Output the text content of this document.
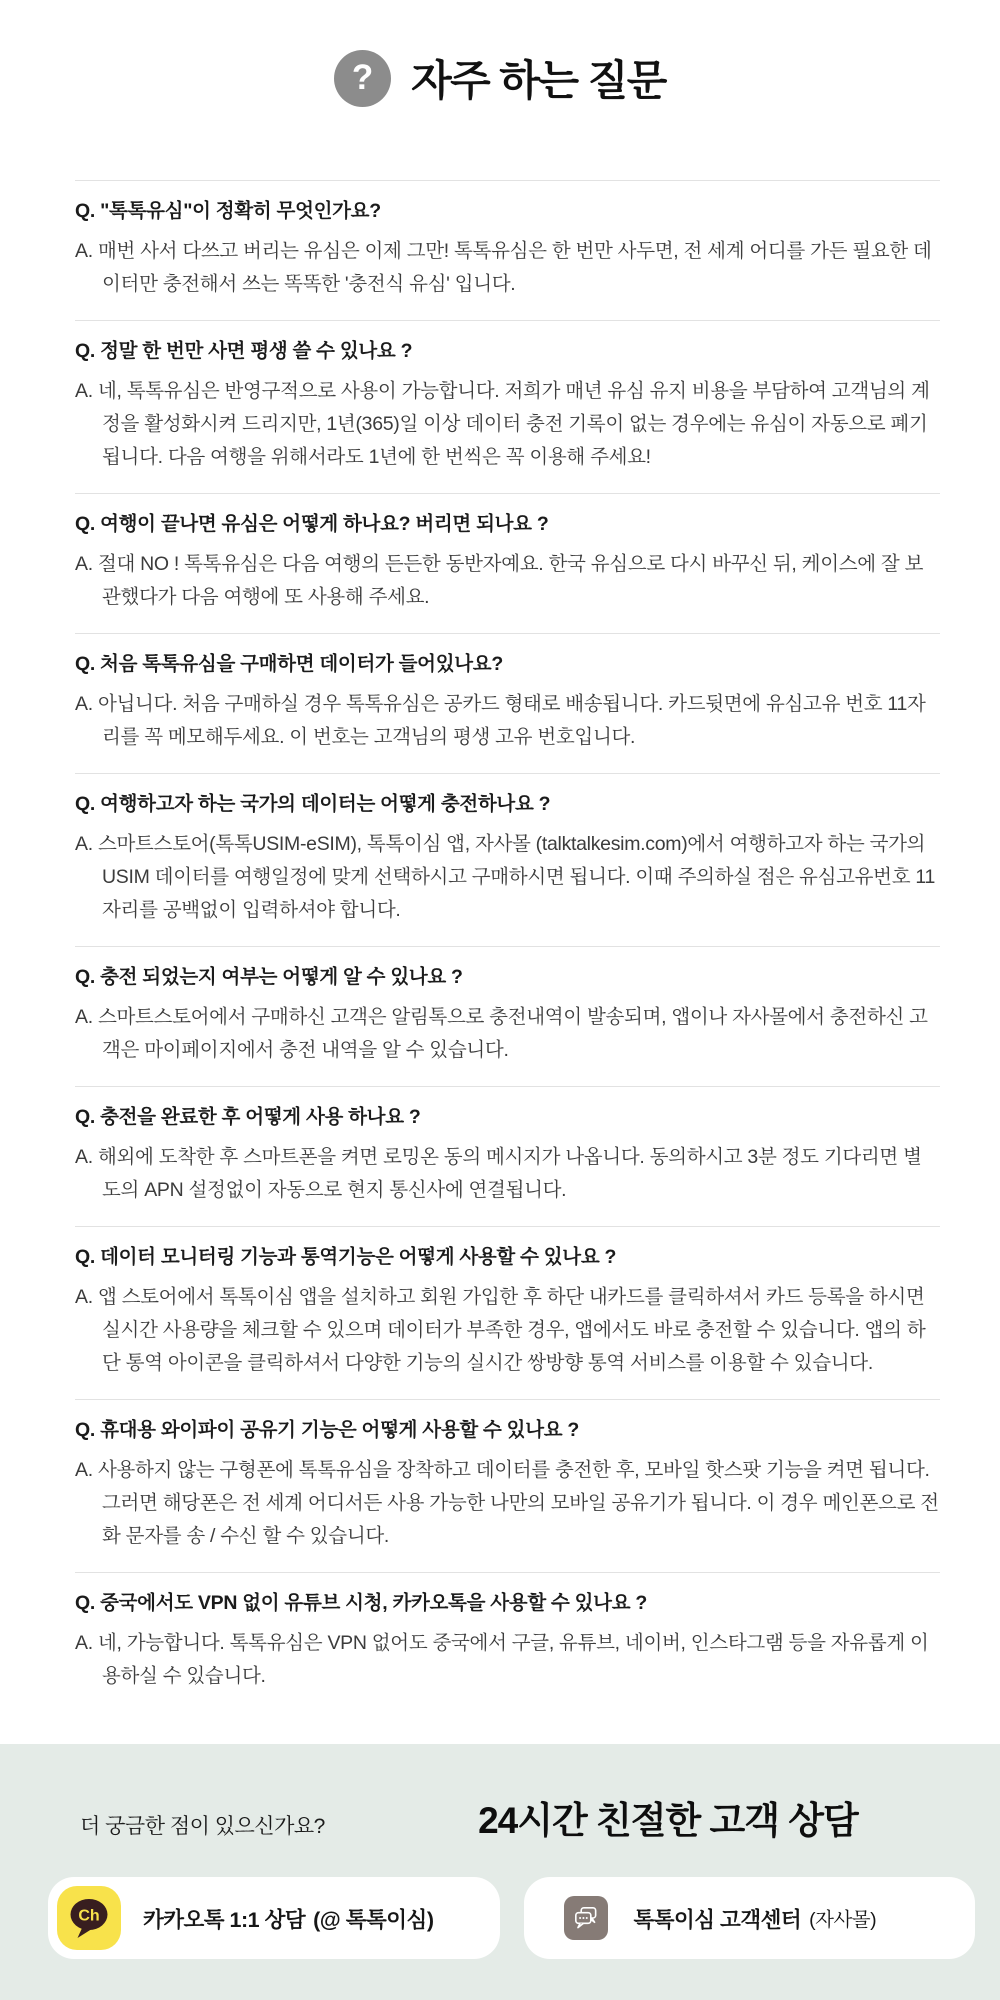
? 자주 하는 질문
Q. "톡톡유심"이 정확히 무엇인가요?

A. 매번 사서 다쓰고 버리는 유심은 이제 그만! 톡톡유심은 한 번만 사두면, 전 세계 어디를 가든 필요한 데이터만 충전해서 쓰는 똑똑한 '충전식 유심' 입니다.

Q. 정말 한 번만 사면 평생 쓸 수 있나요 ?

A. 네, 톡톡유심은 반영구적으로 사용이 가능합니다. 저희가 매년 유심 유지 비용을 부담하여 고객님의 계정을 활성화시켜 드리지만, 1년(365)일 이상 데이터 충전 기록이 없는 경우에는 유심이 자동으로 폐기됩니다. 다음 여행을 위해서라도 1년에 한 번씩은 꼭 이용해 주세요!

Q. 여행이 끝나면 유심은 어떻게 하나요? 버리면 되나요 ?

A. 절대 NO ! 톡톡유심은 다음 여행의 든든한 동반자예요. 한국 유심으로 다시 바꾸신 뒤, 케이스에 잘 보관했다가 다음 여행에 또 사용해 주세요.

Q. 처음 톡톡유심을 구매하면 데이터가 들어있나요?

A. 아닙니다. 처음 구매하실 경우 톡톡유심은 공카드 형태로 배송됩니다. 카드뒷면에 유심고유 번호 11자리를 꼭 메모해두세요. 이 번호는 고객님의 평생 고유 번호입니다.

Q. 여행하고자 하는 국가의 데이터는 어떻게 충전하나요 ?

A. 스마트스토어(톡톡USIM-eSIM), 톡톡이심 앱, 자사몰 (talktalkesim.com)에서 여행하고자 하는 국가의 USIM 데이터를 여행일정에 맞게 선택하시고 구매하시면 됩니다. 이때 주의하실 점은 유심고유번호 11 자리를 공백없이 입력하셔야 합니다.

Q. 충전 되었는지 여부는 어떻게 알 수 있나요 ?

A. 스마트스토어에서 구매하신 고객은 알림톡으로 충전내역이 발송되며, 앱이나 자사몰에서 충전하신 고객은 마이페이지에서 충전 내역을 알 수 있습니다.

Q. 충전을 완료한 후 어떻게 사용 하나요 ?

A. 해외에 도착한 후 스마트폰을 켜면 로밍온 동의 메시지가 나옵니다. 동의하시고 3분 정도 기다리면 별도의 APN 설정없이 자동으로 현지 통신사에 연결됩니다.

Q. 데이터 모니터링 기능과 통역기능은 어떻게 사용할 수 있나요 ?

A. 앱 스토어에서 톡톡이심 앱을 설치하고 회원 가입한 후 하단 내카드를 클릭하셔서 카드 등록을 하시면 실시간 사용량을 체크할 수 있으며 데이터가 부족한 경우, 앱에서도 바로 충전할 수 있습니다. 앱의 하단 통역 아이콘을 클릭하셔서 다양한 기능의 실시간 쌍방향 통역 서비스를 이용할 수 있습니다.

Q. 휴대용 와이파이 공유기 기능은 어떻게 사용할 수 있나요 ?

A. 사용하지 않는 구형폰에 톡톡유심을 장착하고 데이터를 충전한 후, 모바일 핫스팟 기능을 켜면 됩니다. 그러면 해당폰은 전 세계 어디서든 사용 가능한 나만의 모바일 공유기가 됩니다. 이 경우 메인폰으로 전화 문자를 송 / 수신 할 수 있습니다.

Q. 중국에서도 VPN 없이 유튜브 시청, 카카오톡을 사용할 수 있나요 ?

A. 네, 가능합니다. 톡톡유심은 VPN 없어도 중국에서 구글, 유튜브, 네이버, 인스타그램 등을 자유롭게 이용하실 수 있습니다.

더 궁금한 점이 있으신가요?	24시간 친절한 고객 상담
Ch 카카오톡 1:1 상담 (@ 톡톡이심)	톡톡이심 고객센터 (자사몰)
